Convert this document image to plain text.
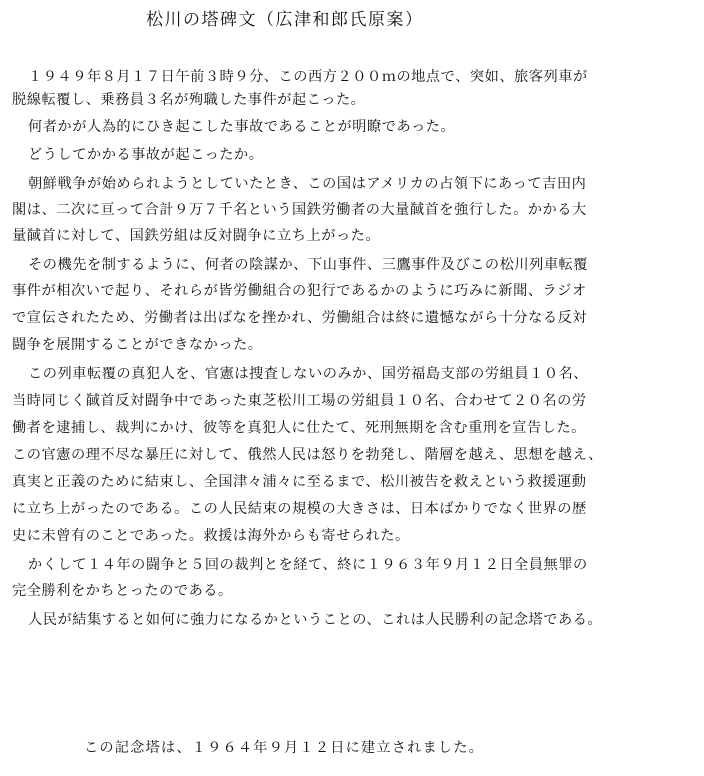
松川の塔碑文（広津和郎氏原案）
１９４９年８月１７日午前３時９分、この西方２００ｍの地点で、突如、旅客列車が
脱線転覆し、乗務員３名が殉職した事件が起こった。
何者かが人為的にひき起こした事故であることが明瞭であった。
どうしてかかる事故が起こったか。
朝鮮戦争が始められようとしていたとき、この国はアメリカの占領下にあって吉田内
閣は、二次に亘って合計９万７千名という国鉄労働者の大量馘首を強行した。かかる大
量馘首に対して、国鉄労組は反対闘争に立ち上がった。
その機先を制するように、何者の陰謀か、下山事件、三鷹事件及びこの松川列車転覆
事件が相次いで起り、それらが皆労働組合の犯行であるかのように巧みに新聞、ラジオ
で宣伝されたため、労働者は出ばなを挫かれ、労働組合は終に遺憾ながら十分なる反対
闘争を展開することができなかった。
この列車転覆の真犯人を、官憲は捜査しないのみか、国労福島支部の労組員１０名、
当時同じく馘首反対闘争中であった東芝松川工場の労組員１０名、合わせて２０名の労
働者を逮捕し、裁判にかけ、彼等を真犯人に仕たて、死刑無期を含む重刑を宣告した。
この官憲の理不尽な暴圧に対して、俄然人民は怒りを勃発し、階層を越え、思想を越え、
真実と正義のために結束し、全国津々浦々に至るまで、松川被告を救えという救援運動
に立ち上がったのである。この人民結束の規模の大きさは、日本ばかりでなく世界の歴
史に未曾有のことであった。救援は海外からも寄せられた。
かくして１４年の闘争と５回の裁判とを経て、終に１９６３年９月１２日全員無罪の
完全勝利をかちとったのである。
人民が結集すると如何に強力になるかということの、これは人民勝利の記念塔である。
この記念塔は、１９６４年９月１２日に建立されました。
